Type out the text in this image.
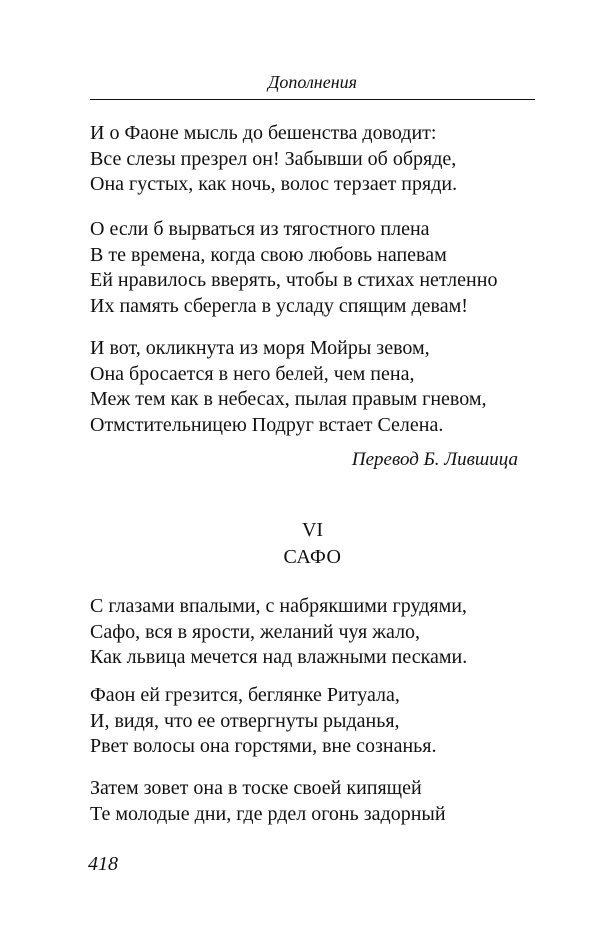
Дополнения
И о Фаоне мысль до бешенства доводит:
Все слезы презрел он! Забывши об обряде,
Она густых, как ночь, волос терзает пряди.
О если б вырваться из тягостного плена
В те времена, когда свою любовь напевам
Ей нравилось вверять, чтобы в стихах нетленно
Их память сберегла в усладу спящим девам!
И вот, окликнута из моря Мойры зевом,
Она бросается в него белей, чем пена,
Меж тем как в небесах, пылая правым гневом,
Отмстительницею Подруг встает Селена.
Перевод Б. Лившица
VI
САФО
С глазами впалыми, с набрякшими грудями,
Сафо, вся в ярости, желаний чуя жало,
Как львица мечется над влажными песками.
Фаон ей грезится, беглянке Ритуала,
И, видя, что ее отвергнуты рыданья,
Рвет волосы она горстями, вне сознанья.
Затем зовет она в тоске своей кипящей
Те молодые дни, где рдел огонь задорный
418
